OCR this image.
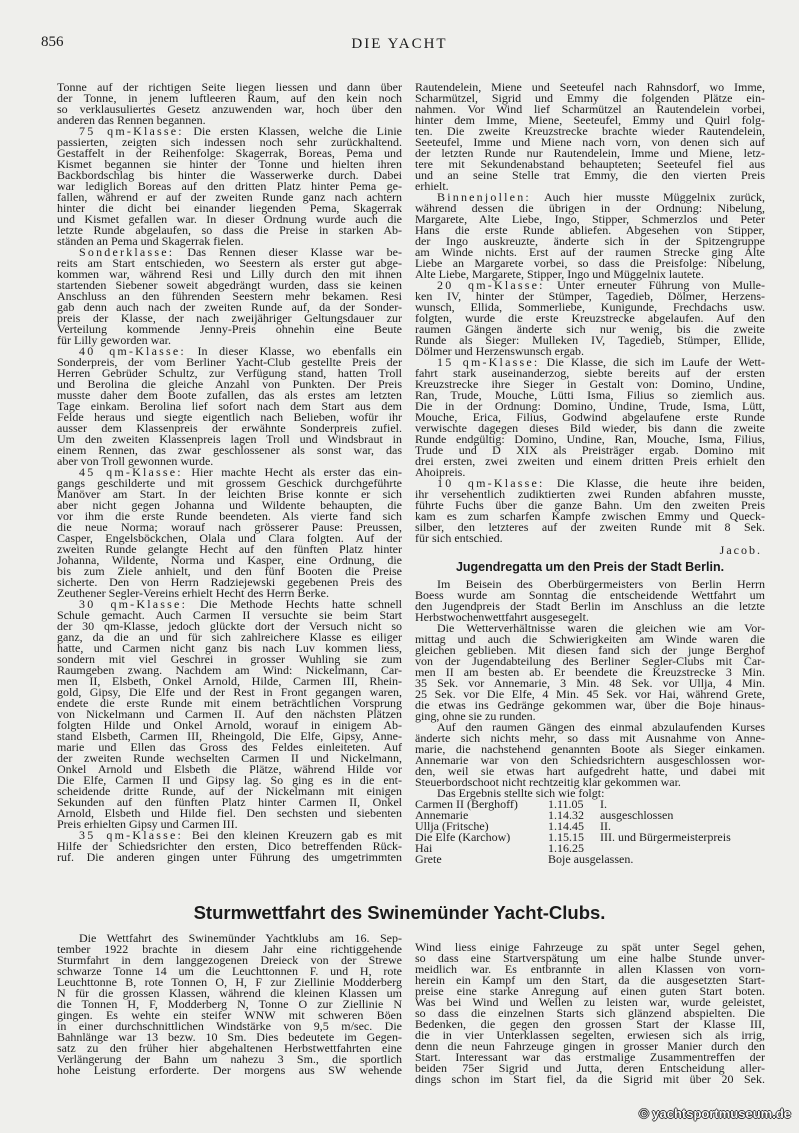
856	DIE YACHT
Tonne auf der richtigen Seite liegen liessen und dann über
der Tonne, in jenem luftleeren Raum, auf den kein noch
so verklausuliertes Gesetz anzuwenden war, hoch über den
anderen das Rennen begannen.
75 qm-Klasse: Die ersten Klassen, welche die Linie
passierten, zeigten sich indessen noch sehr zurückhaltend.
Gestaffelt in der Reihenfolge: Skagerrak, Boreas, Pema und
Kismet begannen sie hinter der Tonne und hielten ihren
Backbordschlag bis hinter die Wasserwerke durch. Dabei
war lediglich Boreas auf den dritten Platz hinter Pema ge-
fallen, während er auf der zweiten Runde ganz nach achtern
hinter die dicht bei einander liegenden Pema, Skagerrak
und Kismet gefallen war. In dieser Ordnung wurde auch die
letzte Runde abgelaufen, so dass die Preise in starken Ab-
ständen an Pema und Skagerrak fielen.
Sonderklasse: Das Rennen dieser Klasse war be-
reits am Start entschieden, wo Seestern als erster gut abge-
kommen war, während Resi und Lilly durch den mit ihnen
startenden Siebener soweit abgedrängt wurden, dass sie keinen
Anschluss an den führenden Seestern mehr bekamen. Resi
gab denn auch nach der zweiten Runde auf, da der Sonder-
preis der Klasse, der nach zweijähriger Geltungsdauer zur
Verteilung kommende Jenny-Preis ohnehin eine Beute
für Lilly geworden war.
40 qm-Klasse: In dieser Klasse, wo ebenfalls ein
Sonderpreis, der vom Berliner Yacht-Club gestellte Preis der
Herren Gebrüder Schultz, zur Verfügung stand, hatten Troll
und Berolina die gleiche Anzahl von Punkten. Der Preis
musste daher dem Boote zufallen, das als erstes am letzten
Tage einkam. Berolina lief sofort nach dem Start aus dem
Felde heraus und siegte eigentlich nach Belieben, wofür ihr
ausser dem Klassenpreis der erwähnte Sonderpreis zufiel.
Um den zweiten Klassenpreis lagen Troll und Windsbraut in
einem Rennen, das zwar geschlossener als sonst war, das
aber von Troll gewonnen wurde.
45 qm-Klasse: Hier machte Hecht als erster das ein-
gangs geschilderte und mit grossem Geschick durchgeführte
Manöver am Start. In der leichten Brise konnte er sich
aber nicht gegen Johanna und Wildente behaupten, die
vor ihm die erste Runde beendeten. Als vierte fand sich
die neue Norma; worauf nach grösserer Pause: Preussen,
Casper, Engelsböckchen, Olala und Clara folgten. Auf der
zweiten Runde gelangte Hecht auf den fünften Platz hinter
Johanna, Wildente, Norma und Kasper, eine Ordnung, die
bis zum Ziele anhielt, und den fünf Booten die Preise
sicherte. Den von Herrn Radziejewski gegebenen Preis des
Zeuthener Segler-Vereins erhielt Hecht des Herrn Berke.
30 qm-Klasse: Die Methode Hechts hatte schnell
Schule gemacht. Auch Carmen II versuchte sie beim Start
der 30 qm-Klasse, jedoch glückte dort der Versuch nicht so
ganz, da die an und für sich zahlreichere Klasse es eiliger
hatte, und Carmen nicht ganz bis nach Luv kommen liess,
sondern mit viel Geschrei in grosser Wuhling sie zum
Raumgeben zwang. Nachdem am Wind: Nickelmann, Car-
men II, Elsbeth, Onkel Arnold, Hilde, Carmen III, Rhein-
gold, Gipsy, Die Elfe und der Rest in Front gegangen waren,
endete die erste Runde mit einem beträchtlichen Vorsprung
von Nickelmann und Carmen II. Auf den nächsten Plätzen
folgten Hilde und Onkel Arnold, worauf in einigem Ab-
stand Elsbeth, Carmen III, Rheingold, Die Elfe, Gipsy, Anne-
marie und Ellen das Gross des Feldes einleiteten. Auf
der zweiten Runde wechselten Carmen II und Nickelmann,
Onkel Arnold und Elsbeth die Plätze, während Hilde vor
Die Elfe, Carmen II und Gipsy lag. So ging es in die ent-
scheidende dritte Runde, auf der Nickelmann mit einigen
Sekunden auf den fünften Platz hinter Carmen II, Onkel
Arnold, Elsbeth und Hilde fiel. Den sechsten und siebenten
Preis erhielten Gipsy und Carmen III.
35 qm-Klasse: Bei den kleinen Kreuzern gab es mit
Hilfe der Schiedsrichter den ersten, Dico betreffenden Rück-
ruf. Die anderen gingen unter Führung des umgetrimmten
Rautendelein, Miene und Seeteufel nach Rahnsdorf, wo Imme,
Scharmützel, Sigrid und Emmy die folgenden Plätze ein-
nahmen. Vor Wind lief Scharmützel an Rautendelein vorbei,
hinter dem Imme, Miene, Seeteufel, Emmy und Quirl folg-
ten. Die zweite Kreuzstrecke brachte wieder Rautendelein,
Seeteufel, Imme und Miene nach vorn, von denen sich auf
der letzten Runde nur Rautendelein, Imme und Miene, letz-
tere mit Sekundenabstand behaupteten; Seeteufel fiel aus
und an seine Stelle trat Emmy, die den vierten Preis
erhielt.
Binnenjollen: Auch hier musste Müggelnix zurück,
während dessen die übrigen in der Ordnung: Nibelung,
Margarete, Alte Liebe, Ingo, Stipper, Schmerzlos und Peter
Hans die erste Runde abliefen. Abgesehen von Stipper,
der Ingo auskreuzte, änderte sich in der Spitzengruppe
am Winde nichts. Erst auf der raumen Strecke ging Alte
Liebe an Margarete vorbei, so dass die Preisfolge: Nibelung,
Alte Liebe, Margarete, Stipper, Ingo und Müggelnix lautete.
20 qm-Klasse: Unter erneuter Führung von Mulle-
ken IV, hinter der Stümper, Tagedieb, Dölmer, Herzens-
wunsch, Ellida, Sommerliebe, Kunigunde, Frechdachs usw.
folgten, wurde die erste Kreuzstrecke abgelaufen. Auf den
raumen Gängen änderte sich nur wenig, bis die zweite
Runde als Sieger: Mulleken IV, Tagedieb, Stümper, Ellide,
Dölmer und Herzenswunsch ergab.
15 qm-Klasse: Die Klasse, die sich im Laufe der Wett-
fahrt stark auseinanderzog, siebte bereits auf der ersten
Kreuzstrecke ihre Sieger in Gestalt von: Domino, Undine,
Ran, Trude, Mouche, Lütti Isma, Filius so ziemlich aus.
Die in der Ordnung: Domino, Undine, Trude, Isma, Lütt,
Mouche, Erica, Filius, Godwind abgelaufene erste Runde
verwischte dagegen dieses Bild wieder, bis dann die zweite
Runde endgültig: Domino, Undine, Ran, Mouche, Isma, Filius,
Trude und D XIX als Preisträger ergab. Domino mit
drei ersten, zwei zweiten und einem dritten Preis erhielt den
Ahoipreis.
10 qm-Klasse: Die Klasse, die heute ihre beiden,
ihr versehentlich zudiktierten zwei Runden abfahren musste,
führte Fuchs über die ganze Bahn. Um den zweiten Preis
kam es zum scharfen Kampfe zwischen Emmy und Queck-
silber, den letzteres auf der zweiten Runde mit 8 Sek.
für sich entschied.
Jacob.
Jugendregatta um den Preis der Stadt Berlin.
Im Beisein des Oberbürgermeisters von Berlin Herrn
Boess wurde am Sonntag die entscheidende Wettfahrt um
den Jugendpreis der Stadt Berlin im Anschluss an die letzte
Herbstwochenwettfahrt ausgesegelt.
Die Wetterverhältnisse waren die gleichen wie am Vor-
mittag und auch die Schwierigkeiten am Winde waren die
gleichen geblieben. Mit diesen fand sich der junge Berghof
von der Jugendabteilung des Berliner Segler-Clubs mit Car-
men II am besten ab. Er beendete die Kreuzstrecke 3 Min.
35 Sek. vor Annemarie, 3 Min. 48 Sek. vor Ullja, 4 Min.
25 Sek. vor Die Elfe, 4 Min. 45 Sek. vor Hai, während Grete,
die etwas ins Gedränge gekommen war, über die Boje hinaus-
ging, ohne sie zu runden.
Auf den raumen Gängen des einmal abzulaufenden Kurses
änderte sich nichts mehr, so dass mit Ausnahme von Anne-
marie, die nachstehend genannten Boote als Sieger einkamen.
Annemarie war von den Schiedsrichtern ausgeschlossen wor-
den, weil sie etwas hart aufgedreht hatte, und dabei mit
Steuerbordschoot nicht rechtzeitig klar gekommen war.
Das Ergebnis stellte sich wie folgt:
Carmen II (Berghoff)	1.11.05 I.
Annemarie	1.14.32 ausgeschlossen
Ullja (Fritsche)	1.14.45 II.
Die Elfe (Karchow)	1.15.15 III. und Bürgermeisterpreis
Hai	1.16.25
Grete	Boje ausgelassen.
Sturmwettfahrt des Swinemünder Yacht-Clubs.
Die Wettfahrt des Swinemünder Yachtklubs am 16. Sep-
tember 1922 brachte in diesem Jahr eine richtiggehende
Sturmfahrt in dem langgezogenen Dreieck von der Strewe
schwarze Tonne 14 um die Leuchttonnen F. und H, rote
Leuchttonne B, rote Tonnen O, H, F zur Ziellinie Modderberg
N für die grossen Klassen, während die kleinen Klassen um
die Tonnen H, F, Modderberg N, Tonne O zur Ziellinie N
gingen. Es wehte ein steifer WNW mit schweren Böen
in einer durchschnittlichen Windstärke von 9,5 m/sec. Die
Bahnlänge war 13 bezw. 10 Sm. Dies bedeutete im Gegen-
satz zu den früher hier abgehaltenen Herbstwettfahrten eine
Verlängerung der Bahn um nahezu 3 Sm., die sportlich
hohe Leistung erforderte. Der morgens aus SW wehende
Wind liess einige Fahrzeuge zu spät unter Segel gehen,
so dass eine Startverspätung um eine halbe Stunde unver-
meidlich war. Es entbrannte in allen Klassen von vorn-
herein ein Kampf um den Start, da die ausgesetzten Start-
preise eine starke Anregung auf einen guten Start boten.
Was bei Wind und Wellen zu leisten war, wurde geleistet,
so dass die einzelnen Starts sich glänzend abspielten. Die
Bedenken, die gegen den grossen Start der Klasse III,
die in vier Unterklassen segelten, erwiesen sich als irrig,
denn die neun Fahrzeuge gingen in grosser Manier durch den
Start. Interessant war das erstmalige Zusammentreffen der
beiden 75er Sigrid und Jutta, deren Entscheidung aller-
dings schon im Start fiel, da die Sigrid mit über 20 Sek.
© yachtsportmuseum.de
